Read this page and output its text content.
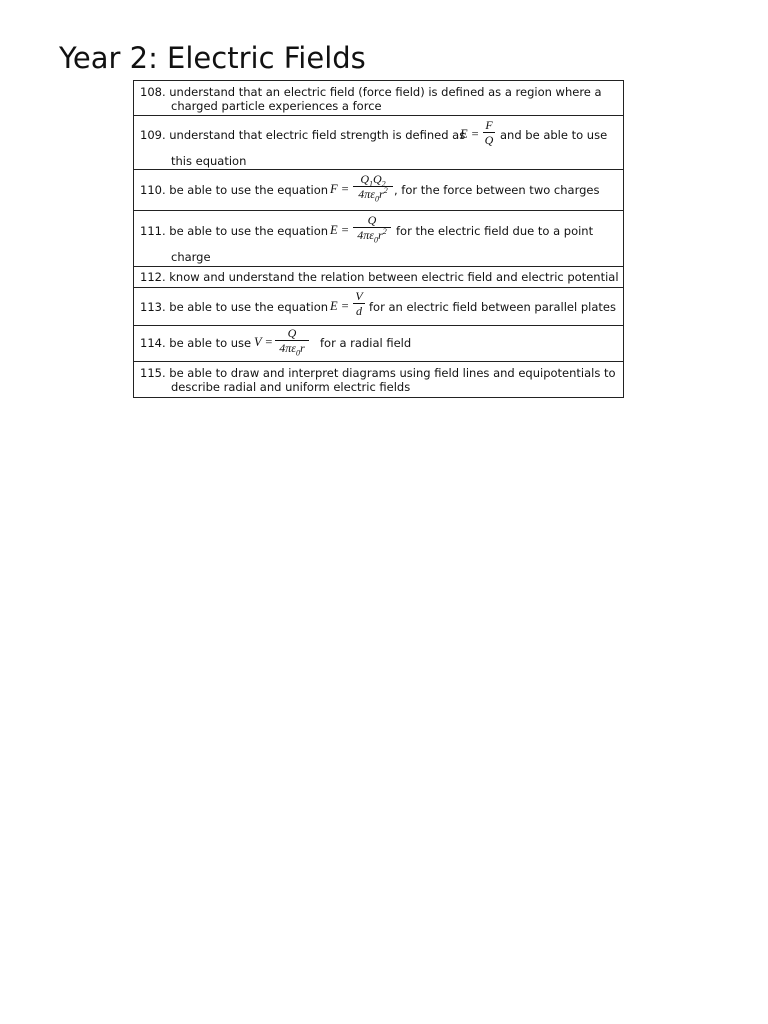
Year 2: Electric Fields
108. understand that an electric field (force field) is defined as a region where a
charged particle experiences a force
109. understand that electric field strength is defined as
E =
F
Q and be able to use
this equation
110. be able to use the equation F =
$Q_1Q_2$
$4\pi\varepsilon_0r^2$ , for the force between two charges
111. be able to use the equation E =
Q
$4\pi\varepsilon_0r^2$ for the electric field due to a point
charge
112. know and understand the relation between electric field and electric potential
113. be able to use the equation E =
V
d for an electric field between parallel plates
114. be able to use V =
Q
$4\pi\varepsilon_0r$	for a radial field
115. be able to draw and interpret diagrams using field lines and equipotentials to
describe radial and uniform electric fields
